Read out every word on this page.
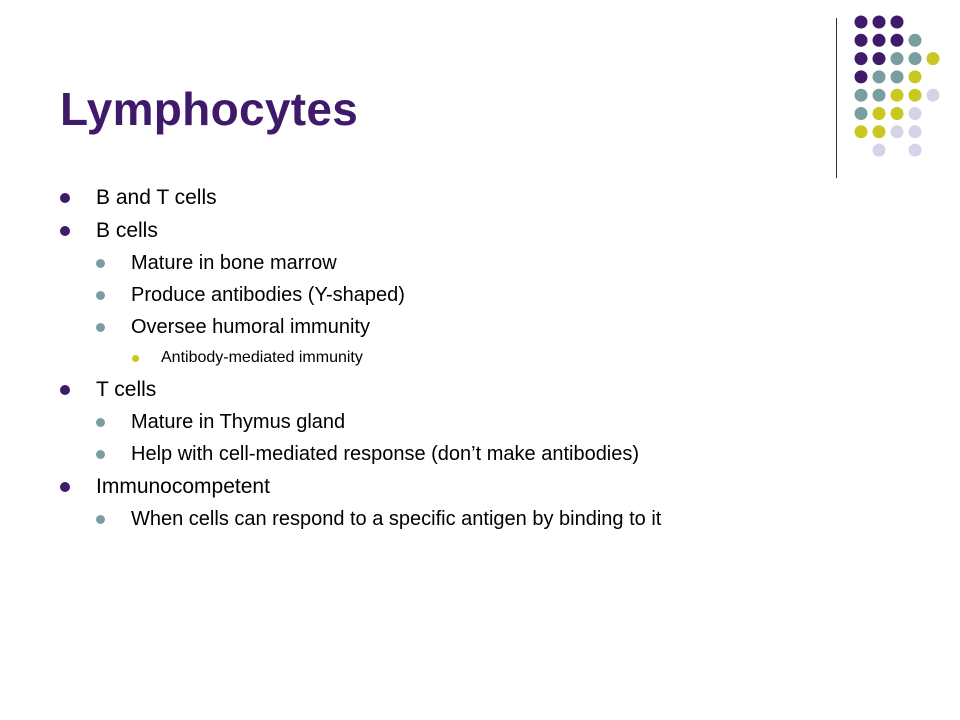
Lymphocytes
B and T cells
B cells
Mature in bone marrow
Produce antibodies (Y-shaped)
Oversee humoral immunity
Antibody-mediated immunity
T cells
Mature in Thymus gland
Help with cell-mediated response (don’t make antibodies)
Immunocompetent
When cells can respond to a specific antigen by binding to it
